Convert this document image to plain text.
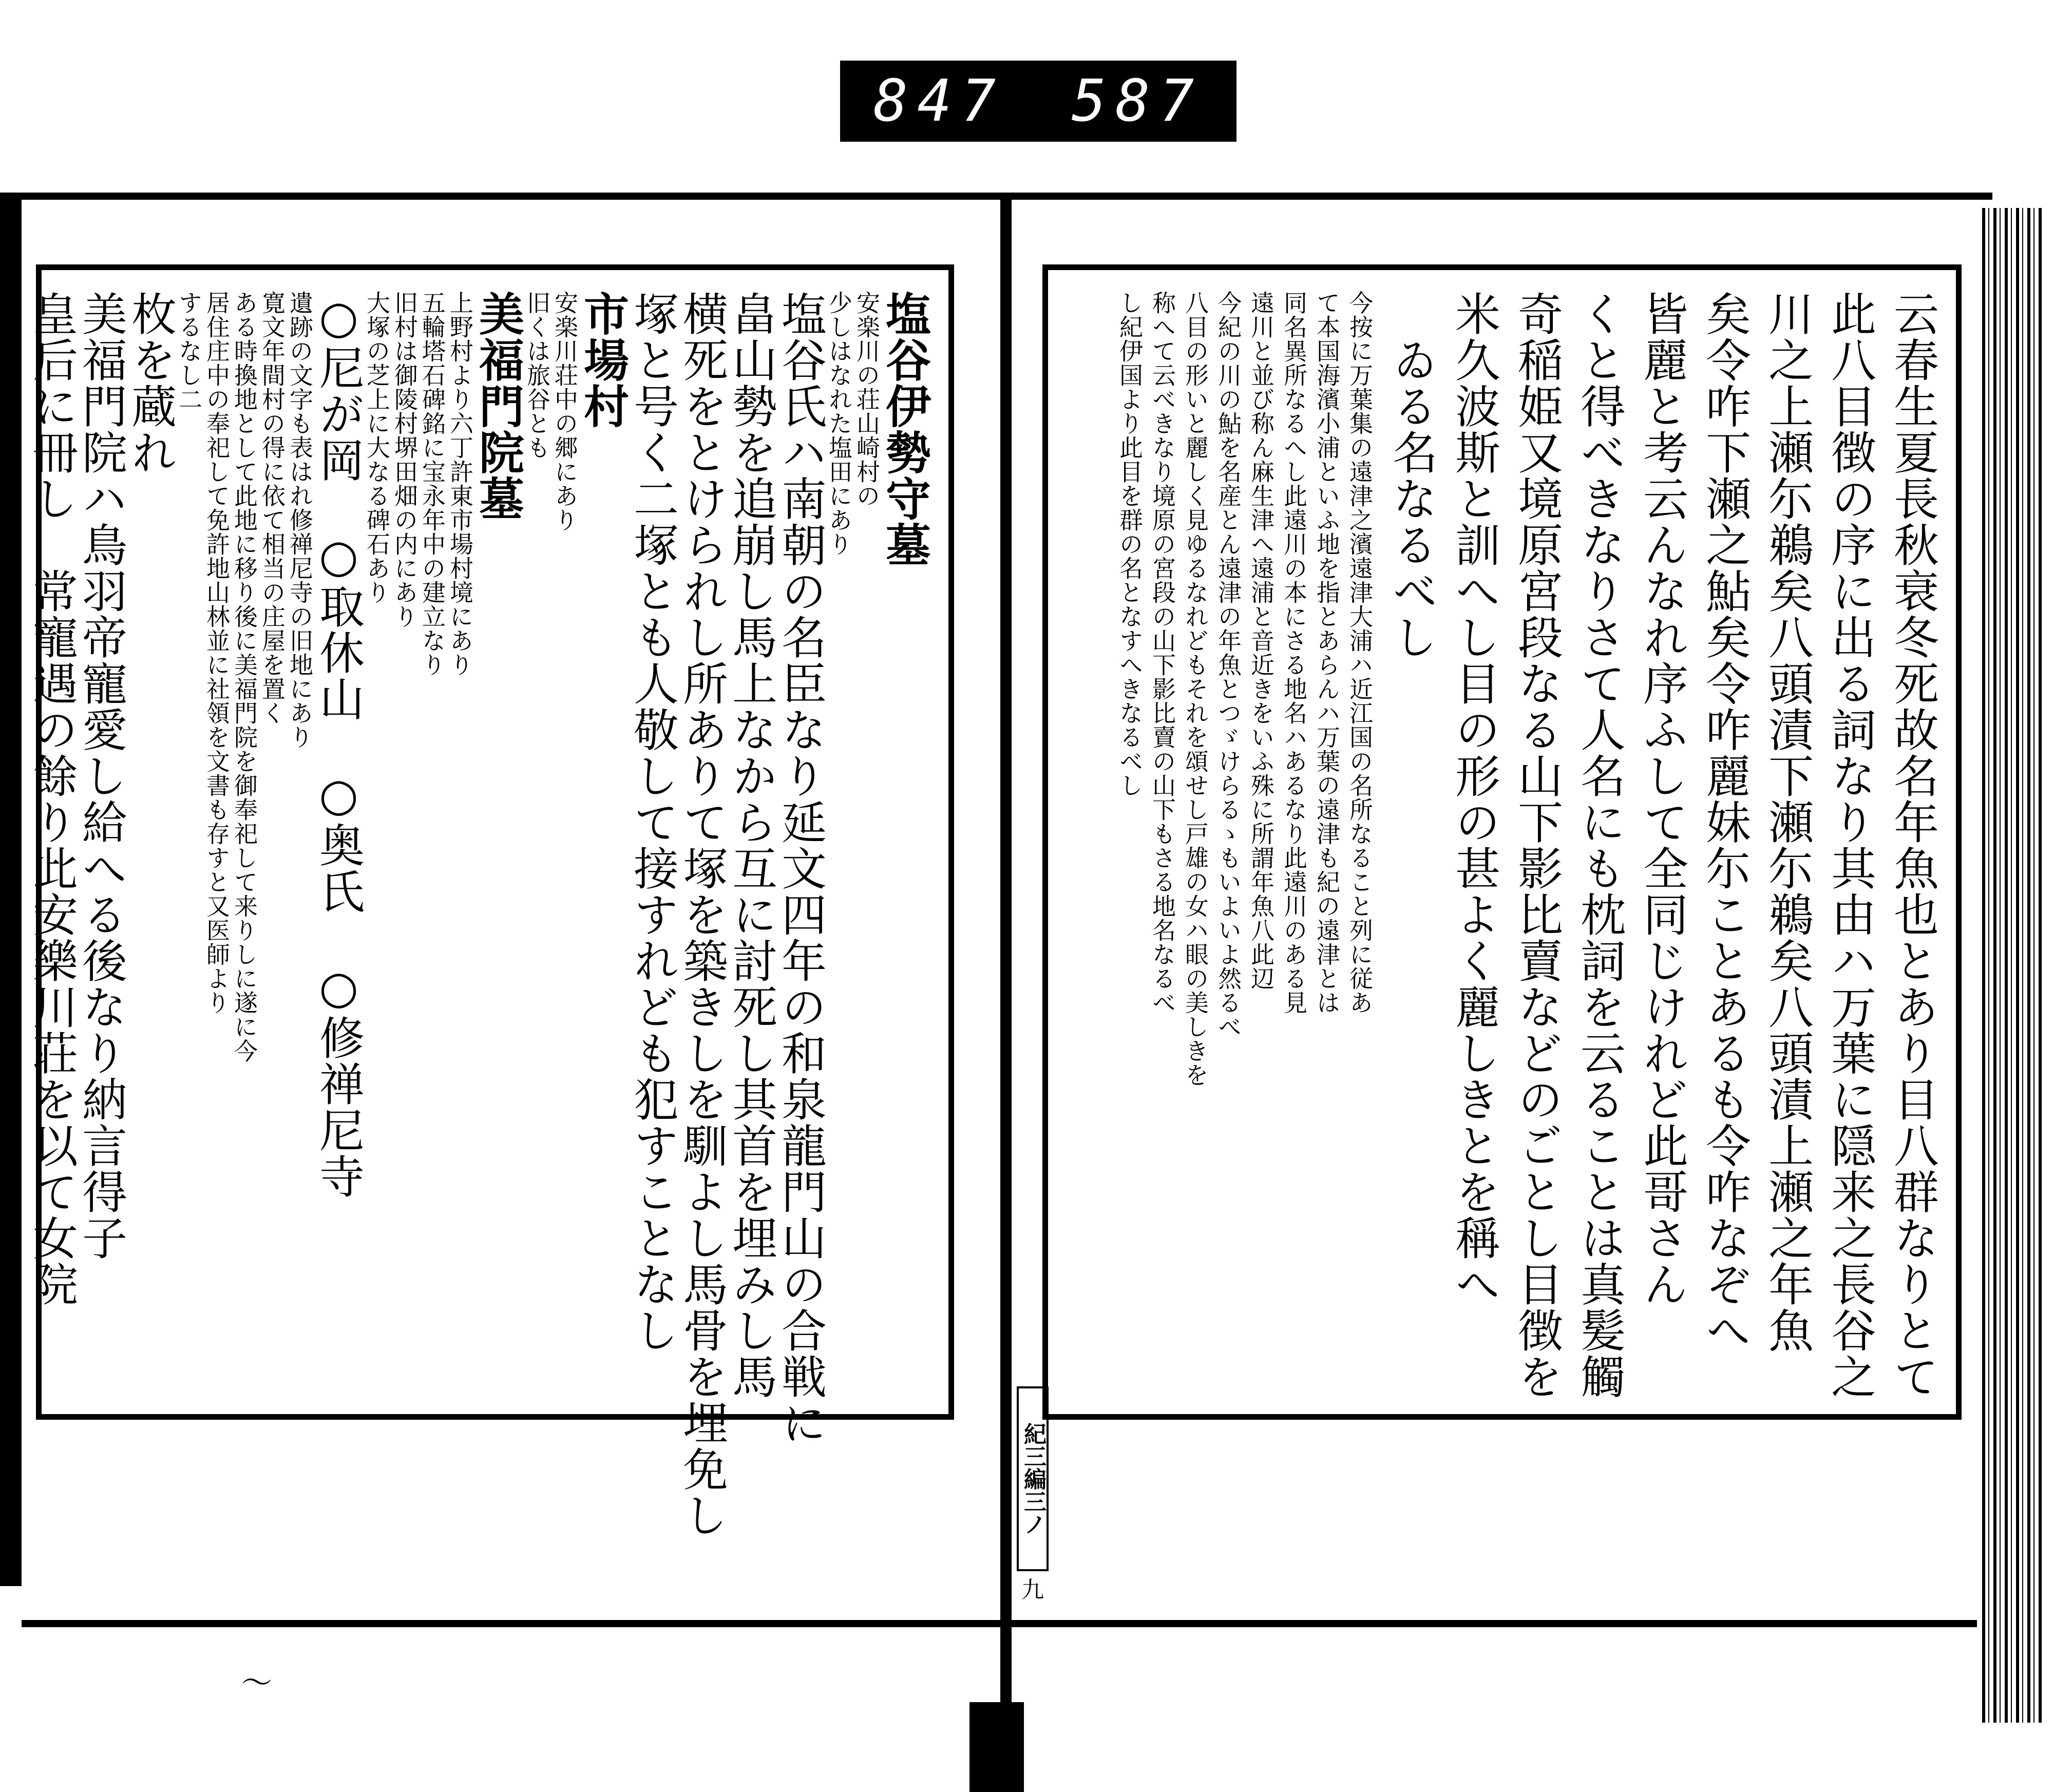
847 587
塩谷伊勢守墓
安楽川の荘山崎村の
少しはなれた塩田にあり
塩谷氏ハ南朝の名臣なり延文四年の和泉龍門山の合戦に
畠山勢を追崩し馬上なから互に討死し其首を埋みし馬
横死をとけられし所ありて塚を築きしを馴よし馬骨を埋免し
塚と号く二塚とも人敬して接すれども犯すことなし
市場村
安楽川荘中の郷にあり
旧くは旅谷とも
美福門院墓
上野村より六丁許東市場村境にあり
五輪塔石碑銘に宝永年中の建立なり
旧村は御陵村堺田畑の内にあり
大塚の芝上に大なる碑石あり
○尼が岡　○取休山　○奥氏　○修禅尼寺
遺跡の文字も表はれ修禅尼寺の旧地にあり
寛文年間村の得に依て相当の庄屋を置く
ある時換地として此地に移り後に美福門院を御奉祀して来りしに遂に今
居住庄中の奉祀して免許地山林並に社領を文書も存すと又医師より
するなし二
枚を蔵れ
美福門院ハ鳥羽帝寵愛し給へる後なり納言得子
皇后に冊し　常寵遇の餘り此安樂川荘を以て女院	云春生夏長秋衰冬死故名年魚也とあり目八群なりとて
此八目徴の序に出る詞なり其由ハ万葉に隠来之長谷之
川之上瀬尓鵜矣八頭漬下瀬尓鵜矣八頭漬上瀬之年魚
矣令咋下瀬之鮎矣令咋麗妹尓ことあるも令咋なぞへ
皆麗と考云んなれ序ふして全同じけれど此哥さん
くと得べきなりさて人名にも枕詞を云ることは真髪觸
奇稲姫又境原宮段なる山下影比賣などのごとし目徴を
米久波斯と訓へし目の形の甚よく麗しきとを稱へ
ゐる名なるべし
今按に万葉集の遠津之濱遠津大浦ハ近江国の名所なること列に従あ
て本国海濱小浦といふ地を指とあらんハ万葉の遠津も紀の遠津とは
同名異所なるへし此遠川の本にさる地名ハあるなり此遠川のある見
遠川と並び称ん麻生津へ遠浦と音近きをいふ殊に所謂年魚八此辺
今紀の川の鮎を名産とん遠津の年魚とつゞけらるゝもいよいよ然るべ
八目の形いと麗しく見ゆるなれどもそれを頌せし戸雄の女ハ眼の美しきを
称へて云べきなり境原の宮段の山下影比賣の山下もさる地名なるべ
し紀伊国より此目を群の名となすへきなるべし
紀三編三ノ
九
〜
